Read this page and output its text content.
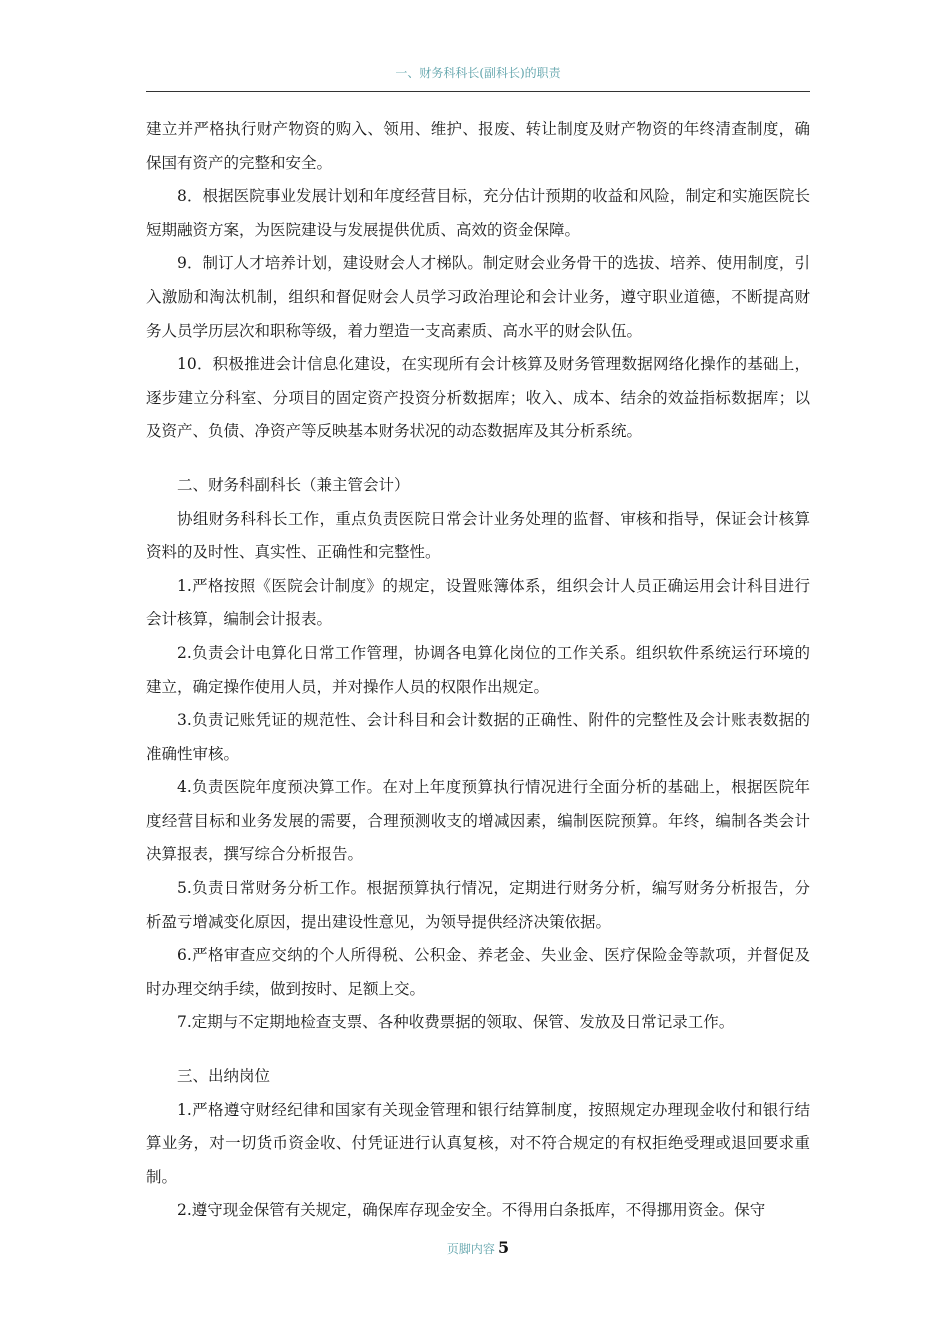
一、财务科科长(副科长)的职责

建立并严格执行财产物资的购入、领用、维护、报废、转让制度及财产物资的年终清查制度，确保国有资产的完整和安全。

8．根据医院事业发展计划和年度经营目标，充分估计预期的收益和风险，制定和实施医院长短期融资方案，为医院建设与发展提供优质、高效的资金保障。

9．制订人才培养计划，建设财会人才梯队。制定财会业务骨干的选拔、培养、使用制度，引入激励和淘汰机制，组织和督促财会人员学习政治理论和会计业务，遵守职业道德，不断提高财务人员学历层次和职称等级，着力塑造一支高素质、高水平的财会队伍。

10．积极推进会计信息化建设，在实现所有会计核算及财务管理数据网络化操作的基础上，逐步建立分科室、分项目的固定资产投资分析数据库；收入、成本、结余的效益指标数据库；以及资产、负债、净资产等反映基本财务状况的动态数据库及其分析系统。

二、财务科副科长（兼主管会计）

协组财务科科长工作，重点负责医院日常会计业务处理的监督、审核和指导，保证会计核算资料的及时性、真实性、正确性和完整性。

1.严格按照《医院会计制度》的规定，设置账簿体系，组织会计人员正确运用会计科目进行会计核算，编制会计报表。

2.负责会计电算化日常工作管理，协调各电算化岗位的工作关系。组织软件系统运行环境的建立，确定操作使用人员，并对操作人员的权限作出规定。

3.负责记账凭证的规范性、会计科目和会计数据的正确性、附件的完整性及会计账表数据的准确性审核。

4.负责医院年度预决算工作。在对上年度预算执行情况进行全面分析的基础上，根据医院年度经营目标和业务发展的需要，合理预测收支的增减因素，编制医院预算。年终，编制各类会计决算报表，撰写综合分析报告。

5.负责日常财务分析工作。根据预算执行情况，定期进行财务分析，编写财务分析报告，分析盈亏增减变化原因，提出建设性意见，为领导提供经济决策依据。

6.严格审查应交纳的个人所得税、公积金、养老金、失业金、医疗保险金等款项，并督促及时办理交纳手续，做到按时、足额上交。

7.定期与不定期地检查支票、各种收费票据的领取、保管、发放及日常记录工作。

三、出纳岗位

1.严格遵守财经纪律和国家有关现金管理和银行结算制度，按照规定办理现金收付和银行结算业务，对一切货币资金收、付凭证进行认真复核，对不符合规定的有权拒绝受理或退回要求重制。

2.遵守现金保管有关规定，确保库存现金安全。不得用白条抵库，不得挪用资金。保守

页脚内容 5
